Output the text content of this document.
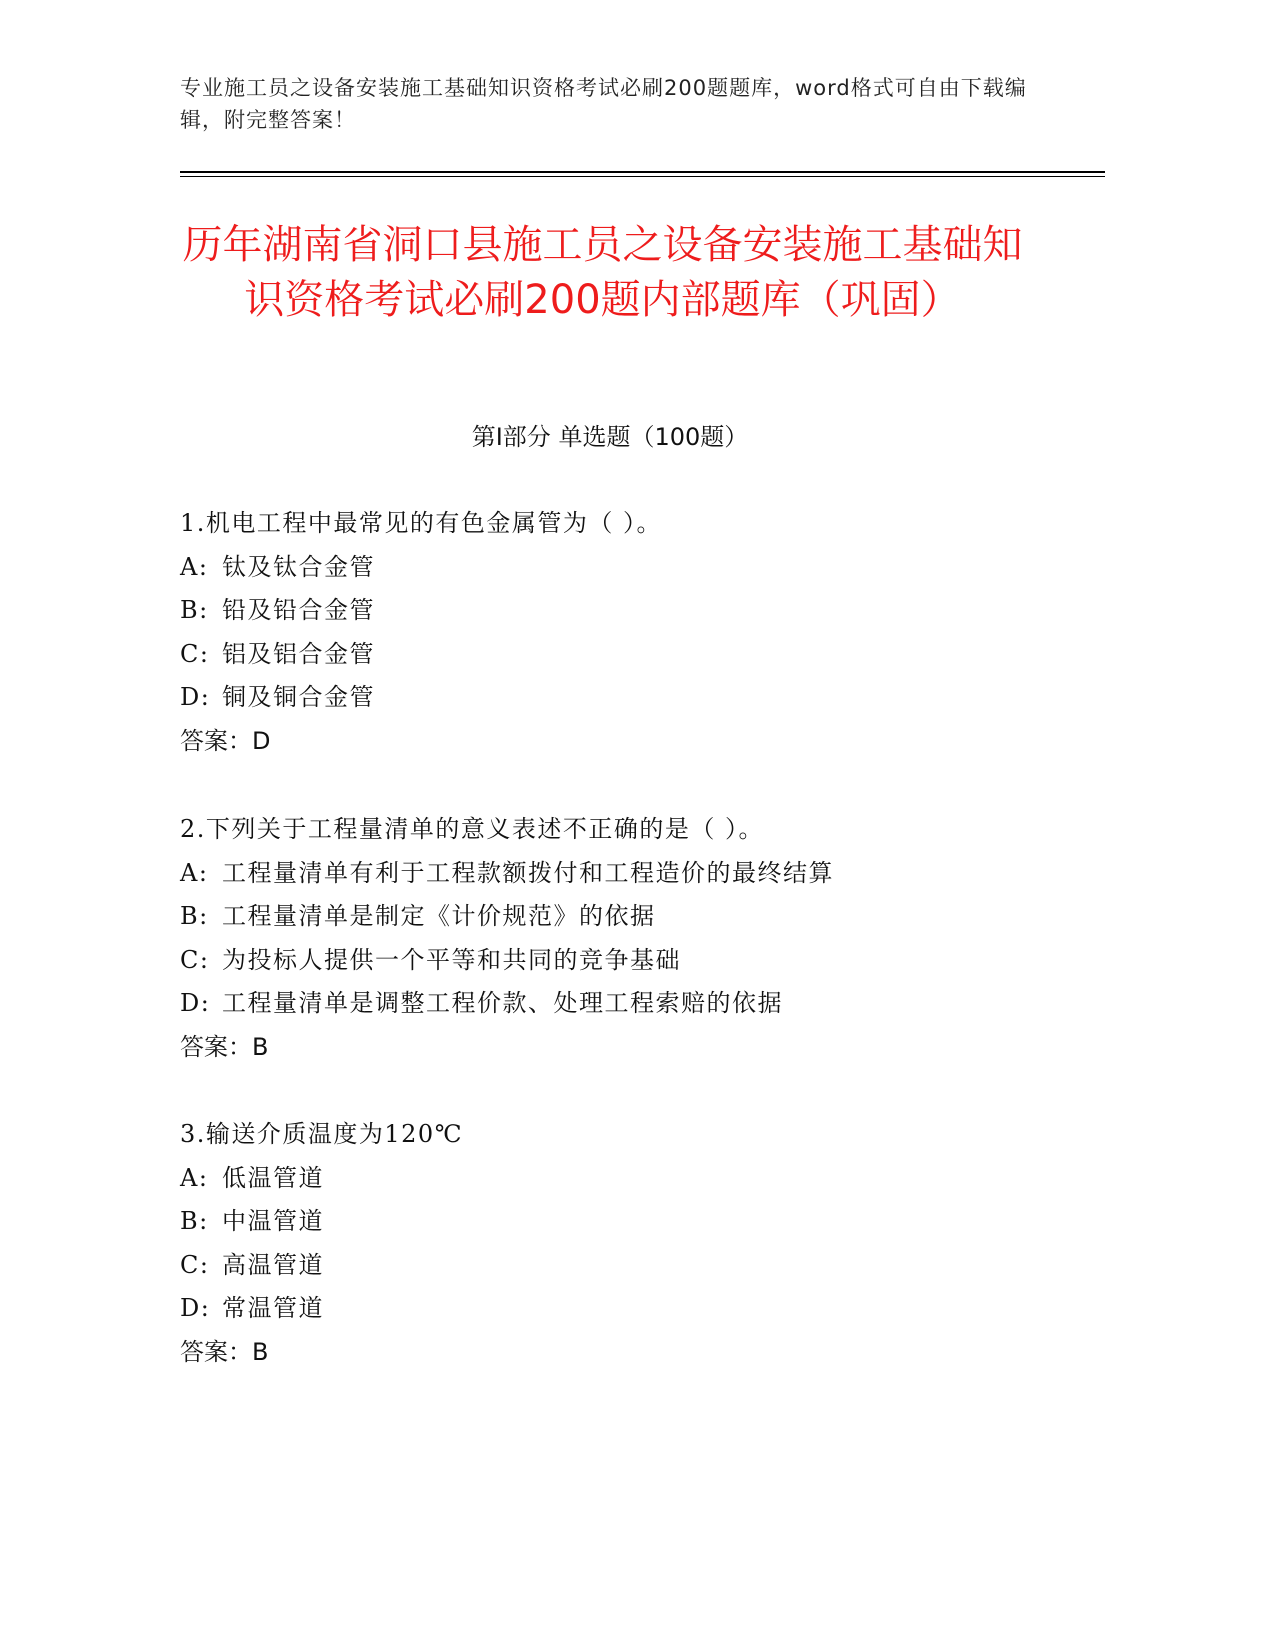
专业施工员之设备安装施工基础知识资格考试必刷200题题库，word格式可自由下载编辑，附完整答案！
历年湖南省洞口县施工员之设备安装施工基础知识资格考试必刷200题内部题库（巩固）
第Ⅰ部分 单选题（100题）
1.机电工程中最常见的有色金属管为（ ）。
A: 钛及钛合金管
B: 铅及铅合金管
C: 铝及铝合金管
D: 铜及铜合金管
答案：D
2.下列关于工程量清单的意义表述不正确的是（ ）。
A: 工程量清单有利于工程款额拨付和工程造价的最终结算
B: 工程量清单是制定《计价规范》的依据
C: 为投标人提供一个平等和共同的竞争基础
D: 工程量清单是调整工程价款、处理工程索赔的依据
答案：B
3.输送介质温度为120℃
A: 低温管道
B: 中温管道
C: 高温管道
D: 常温管道
答案：B
